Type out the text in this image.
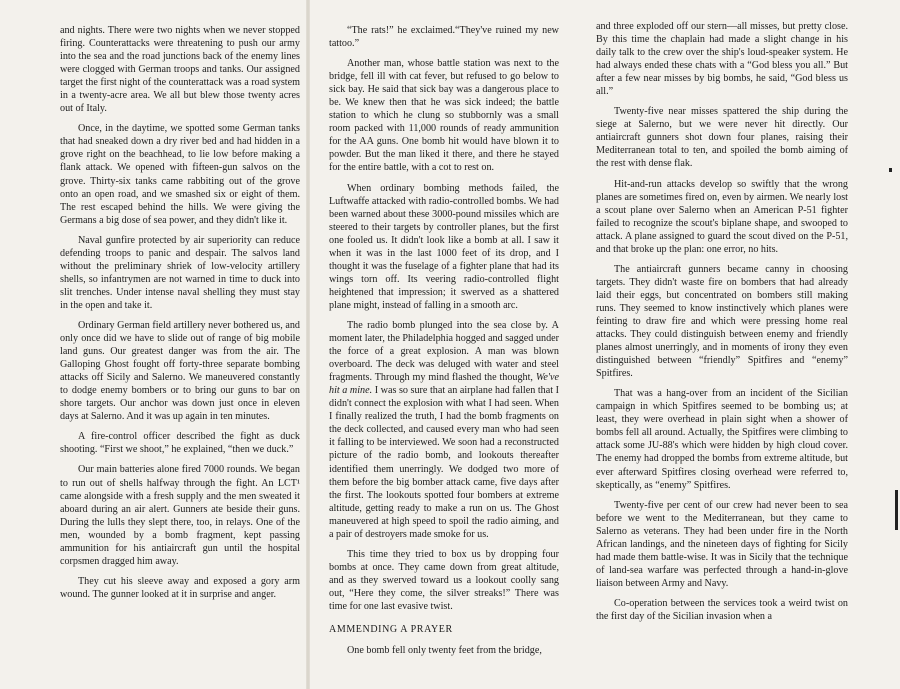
and nights. There were two nights when we never stopped firing. Counterattacks were threatening to push our army into the sea and the road junctions back of the enemy lines were clogged with German troops and tanks. Our assigned target the first night of the counterattack was a road system in a twenty-acre area. We all but blew those twenty acres out of Italy.

Once, in the daytime, we spotted some German tanks that had sneaked down a dry river bed and had hidden in a grove right on the beachhead, to lie low before making a flank attack. We opened with fifteen-gun salvos on the grove. Thirty-six tanks came rabbiting out of the grove onto an open road, and we smashed six or eight of them. The rest escaped behind the hills. We were giving the Germans a big dose of sea power, and they didn't like it.

Naval gunfire protected by air superiority can reduce defending troops to panic and despair. The salvos land without the preliminary shriek of low-velocity artillery shells, so infantrymen are not warned in time to duck into slit trenches. Under intense naval shelling they must stay in the open and take it.

Ordinary German field artillery never bothered us, and only once did we have to slide out of range of big mobile land guns. Our greatest danger was from the air. The Galloping Ghost fought off forty-three separate bombing attacks off Sicily and Salerno. We maneuvered constantly to dodge enemy bombers or to bring our guns to bar on shore targets. Our anchor was down just once in eleven days at Salerno. And it was up again in ten minutes.

A fire-control officer described the fight as duck shooting. “First we shoot,” he explained, “then we duck.”

Our main batteries alone fired 7000 rounds. We began to run out of shells halfway through the fight. An LCT¹ came alongside with a fresh supply and the men sweated it aboard during an air alert. Gunners ate beside their guns. During the lulls they slept there, too, in relays. One of the men, wounded by a bomb fragment, kept passing ammunition for his antiaircraft gun until the hospital corpsmen dragged him away.

They cut his sleeve away and exposed a gory arm wound. The gunner looked at it in surprise and anger.

“The rats!” he exclaimed.“They've ruined my new tattoo.”

Another man, whose battle station was next to the bridge, fell ill with cat fever, but refused to go below to sick bay. He said that sick bay was a dangerous place to be. We knew then that he was sick indeed; the battle station to which he clung so stubbornly was a small room packed with 11,000 rounds of ready ammunition for the AA guns. One bomb hit would have blown it to powder. But the man liked it there, and there he stayed for the entire battle, with a cot to rest on.

When ordinary bombing methods failed, the Luftwaffe attacked with radio-controlled bombs. We had been warned about these 3000-pound missiles which are steered to their targets by controller planes, but the first one fooled us. It didn't look like a bomb at all. I saw it when it was in the last 1000 feet of its drop, and I thought it was the fuselage of a fighter plane that had its wings torn off. Its veering radio-controlled flight heightened that impression; it swerved as a shattered plane might, instead of falling in a smooth arc.

The radio bomb plunged into the sea close by. A moment later, the Philadelphia hogged and sagged under the force of a great explosion. A man was blown overboard. The deck was deluged with water and steel fragments. Through my mind flashed the thought, We've hit a mine. I was so sure that an airplane had fallen that I didn't connect the explosion with what I had seen. When I finally realized the truth, I had the bomb fragments on the deck collected, and caused every man who had seen it falling to be interviewed. We soon had a reconstructed picture of the radio bomb, and lookouts thereafter identified them unerringly. We dodged two more of them before the big bomber attack came, five days after the first. The lookouts spotted four bombers at extreme altitude, getting ready to make a run on us. The Ghost maneuvered at high speed to spoil the radio aiming, and a pair of destroyers made smoke for us.

This time they tried to box us by dropping four bombs at once. They came down from great altitude, and as they swerved toward us a lookout coolly sang out, “Here they come, the silver streaks!” There was time for one last evasive twist.

AMMENDING A PRAYER

One bomb fell only twenty feet from the bridge,

and three exploded off our stern—all misses, but pretty close. By this time the chaplain had made a slight change in his daily talk to the crew over the ship's loud-speaker system. He had always ended these chats with a “God bless you all.” But after a few near misses by big bombs, he said, “God bless us all.”

Twenty-five near misses spattered the ship during the siege at Salerno, but we were never hit directly. Our antiaircraft gunners shot down four planes, raising their Mediterranean total to ten, and spoiled the bomb aiming of the rest with dense flak.

Hit-and-run attacks develop so swiftly that the wrong planes are sometimes fired on, even by airmen. We nearly lost a scout plane over Salerno when an American P-51 fighter failed to recognize the scout's biplane shape, and swooped to attack. A plane assigned to guard the scout dived on the P-51, and that broke up the plan: one error, no hits.

The antiaircraft gunners became canny in choosing targets. They didn't waste fire on bombers that had already laid their eggs, but concentrated on bombers still making runs. They seemed to know instinctively which planes were feinting to draw fire and which were pressing home real attacks. They could distinguish between enemy and friendly planes almost unerringly, and in moments of irony they even distinguished between “friendly” Spitfires and “enemy” Spitfires.

That was a hang-over from an incident of the Sicilian campaign in which Spitfires seemed to be bombing us; at least, they were overhead in plain sight when a shower of bombs fell all around. Actually, the Spitfires were climbing to attack some JU-88's which were hidden by high cloud cover. The enemy had dropped the bombs from extreme altitude, but ever afterward Spitfires closing overhead were referred to, skeptically, as “enemy” Spitfires.

Twenty-five per cent of our crew had never been to sea before we went to the Mediterranean, but they came to Salerno as veterans. They had been under fire in the North African landings, and the nineteen days of fighting for Sicily had made them battle-wise. It was in Sicily that the technique of land-sea warfare was perfected through a hand-in-glove liaison between Army and Navy.

Co-operation between the services took a weird twist on the first day of the Sicilian invasion when a
